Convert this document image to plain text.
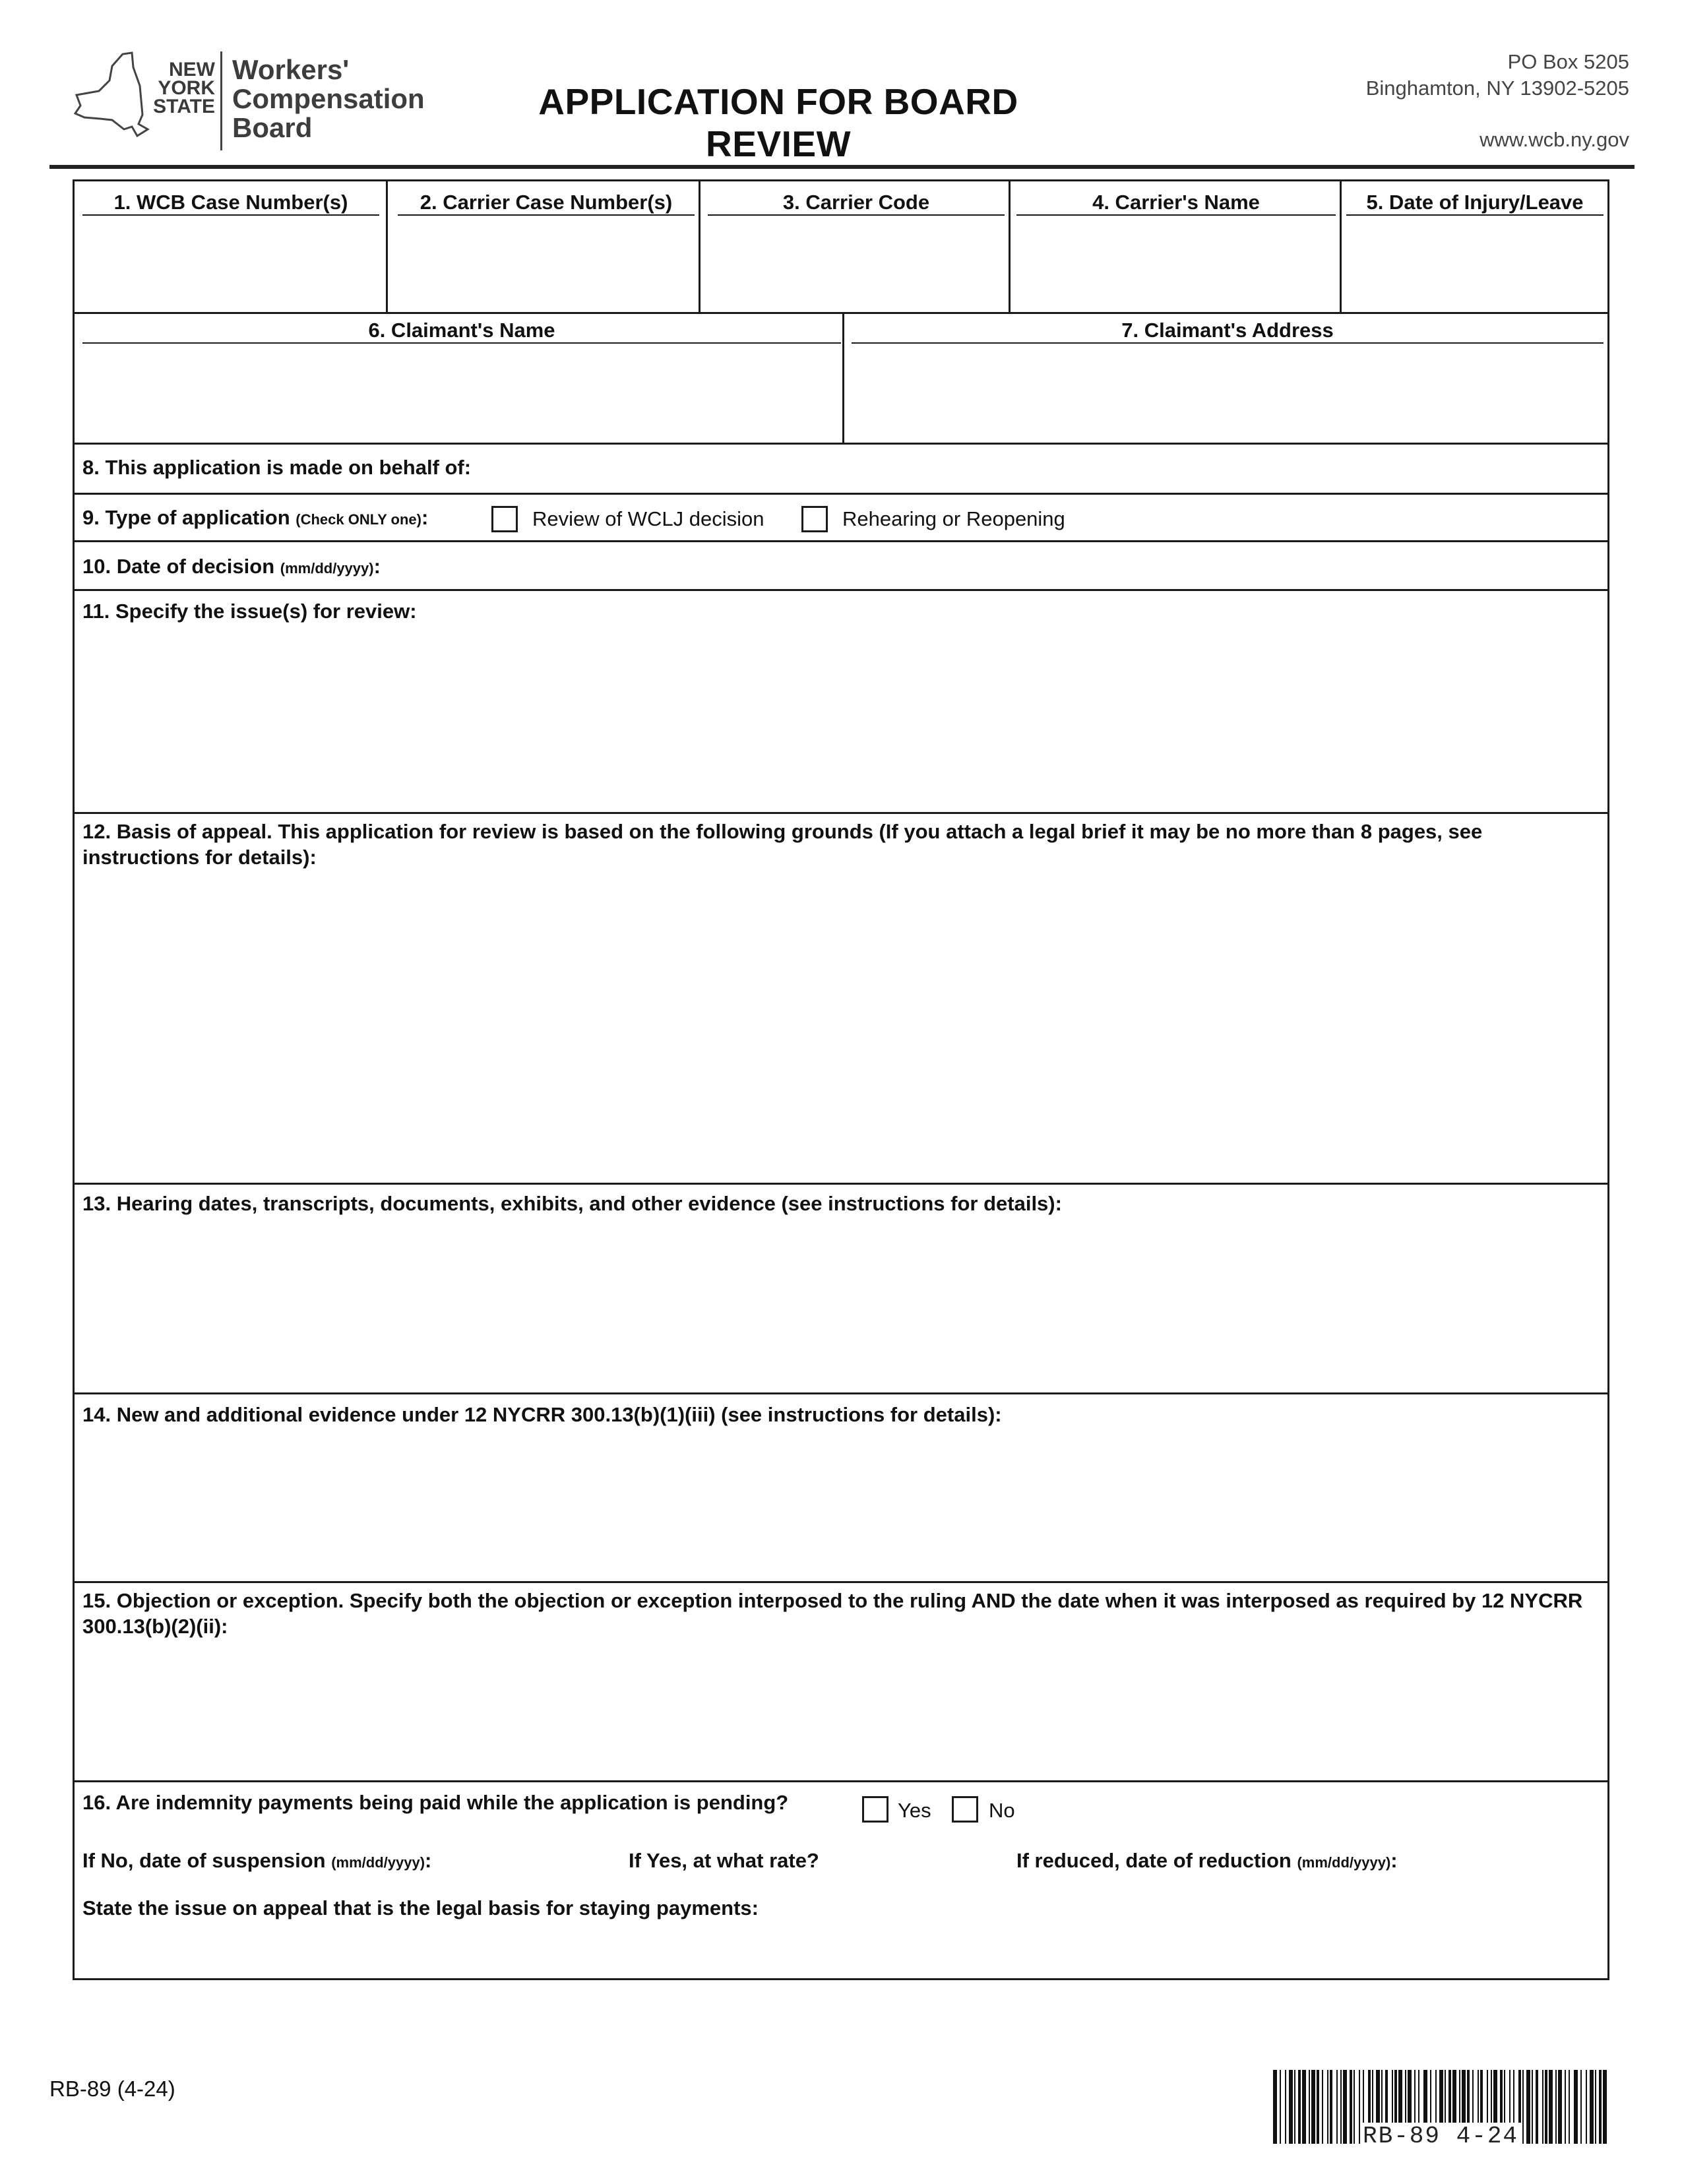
NEW
YORK
STATE
Workers'
Compensation
Board
APPLICATION FOR BOARD REVIEW
PO Box 5205
Binghamton, NY 13902-5205
www.wcb.ny.gov
1. WCB Case Number(s)	2. Carrier Case Number(s)	3. Carrier Code	4. Carrier's Name	5. Date of Injury/Leave
6. Claimant's Name	7. Claimant's Address
8. This application is made on behalf of:
9. Type of application (Check ONLY one):	Review of WCLJ decision	Rehearing or Reopening
10. Date of decision (mm/dd/yyyy):
11. Specify the issue(s) for review:
12. Basis of appeal. This application for review is based on the following grounds (If you attach a legal brief it may be no more than 8 pages, see instructions for details):
13. Hearing dates, transcripts, documents, exhibits, and other evidence (see instructions for details):
14. New and additional evidence under 12 NYCRR 300.13(b)(1)(iii) (see instructions for details):
15. Objection or exception. Specify both the objection or exception interposed to the ruling AND the date when it was interposed as required by 12 NYCRR 300.13(b)(2)(ii):
16. Are indemnity payments being paid while the application is pending?	Yes	No
If No, date of suspension (mm/dd/yyyy):	If Yes, at what rate?	If reduced, date of reduction (mm/dd/yyyy):
State the issue on appeal that is the legal basis for staying payments:
RB-89 (4-24)
RB-89 4-24
